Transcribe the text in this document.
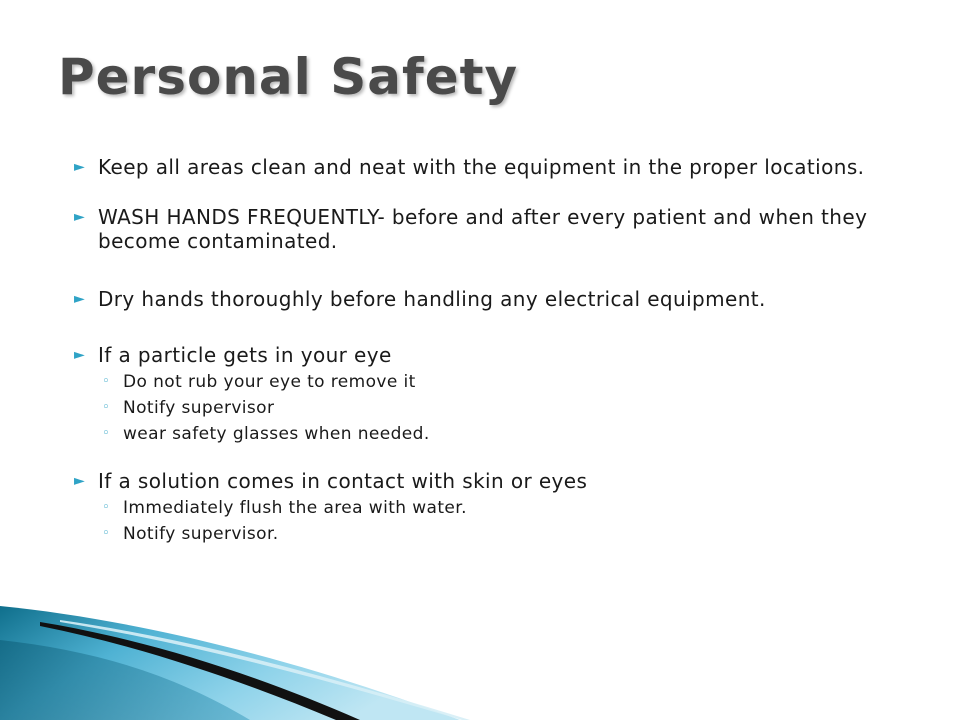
Personal Safety
► Keep all areas clean and neat with the equipment in the proper locations.
► WASH HANDS FREQUENTLY- before and after every patient and when they become contaminated.
► Dry hands thoroughly before handling any electrical equipment.
► If a particle gets in your eye
◦ Do not rub your eye to remove it
◦ Notify supervisor
◦ wear safety glasses when needed.
► If a solution comes in contact with skin or eyes
◦ Immediately flush the area with water.
◦ Notify supervisor.
